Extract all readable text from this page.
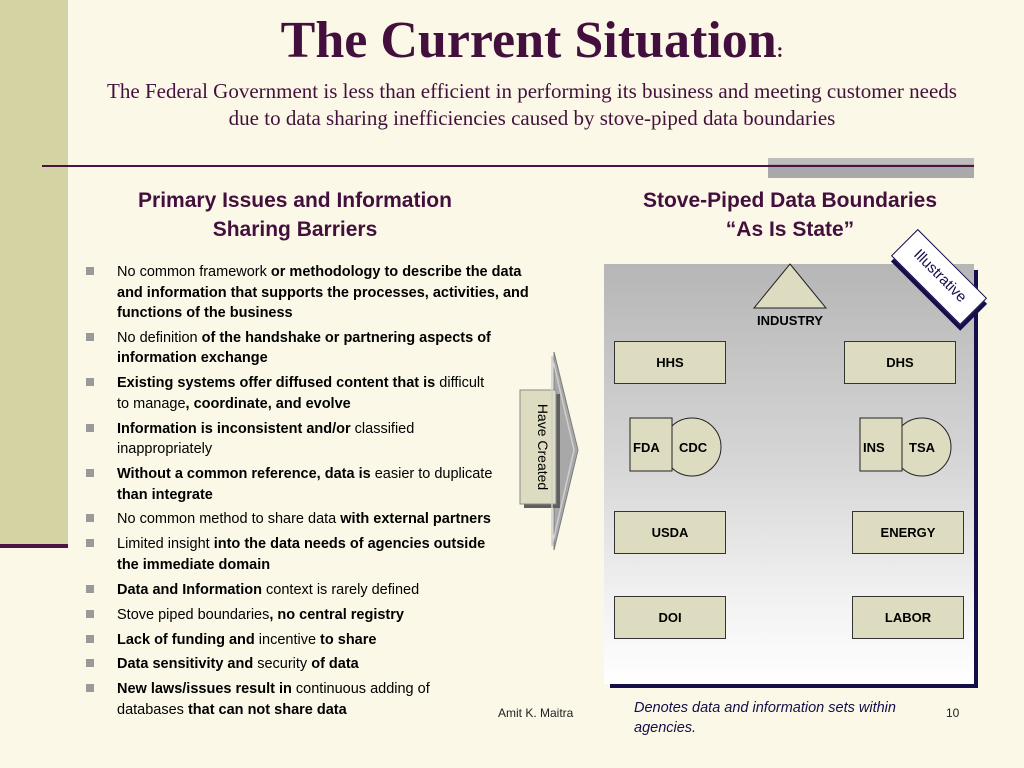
The Current Situation:
The Federal Government is less than efficient in performing its business and meeting customer needs
due to data sharing inefficiencies caused by stove-piped data boundaries
Primary Issues and Information
Sharing Barriers
No common framework or methodology to describe the data and information that supports the processes, activities, and functions of the business
No definition of the handshake or partnering aspects of information exchange
Existing systems offer diffused content that is difficult to manage, coordinate, and evolve
Information is inconsistent and/or classified inappropriately
Without a common reference, data is easier to duplicate than integrate
No common method to share data with external partners
Limited insight into the data needs of agencies outside the immediate domain
Data and Information context is rarely defined
Stove piped boundaries, no central registry
Lack of funding and incentive to share
Data sensitivity and security of data
New laws/issues result in continuous adding of databases that can not share data
Have Created
Stove-Piped Data Boundaries
“As Is State”
Illustrative
INDUSTRY
HHS	DHS
FDA CDC	INS TSA
USDA	ENERGY
DOI	LABOR
Denotes data and information sets within agencies.
Amit K. Maitra	10
